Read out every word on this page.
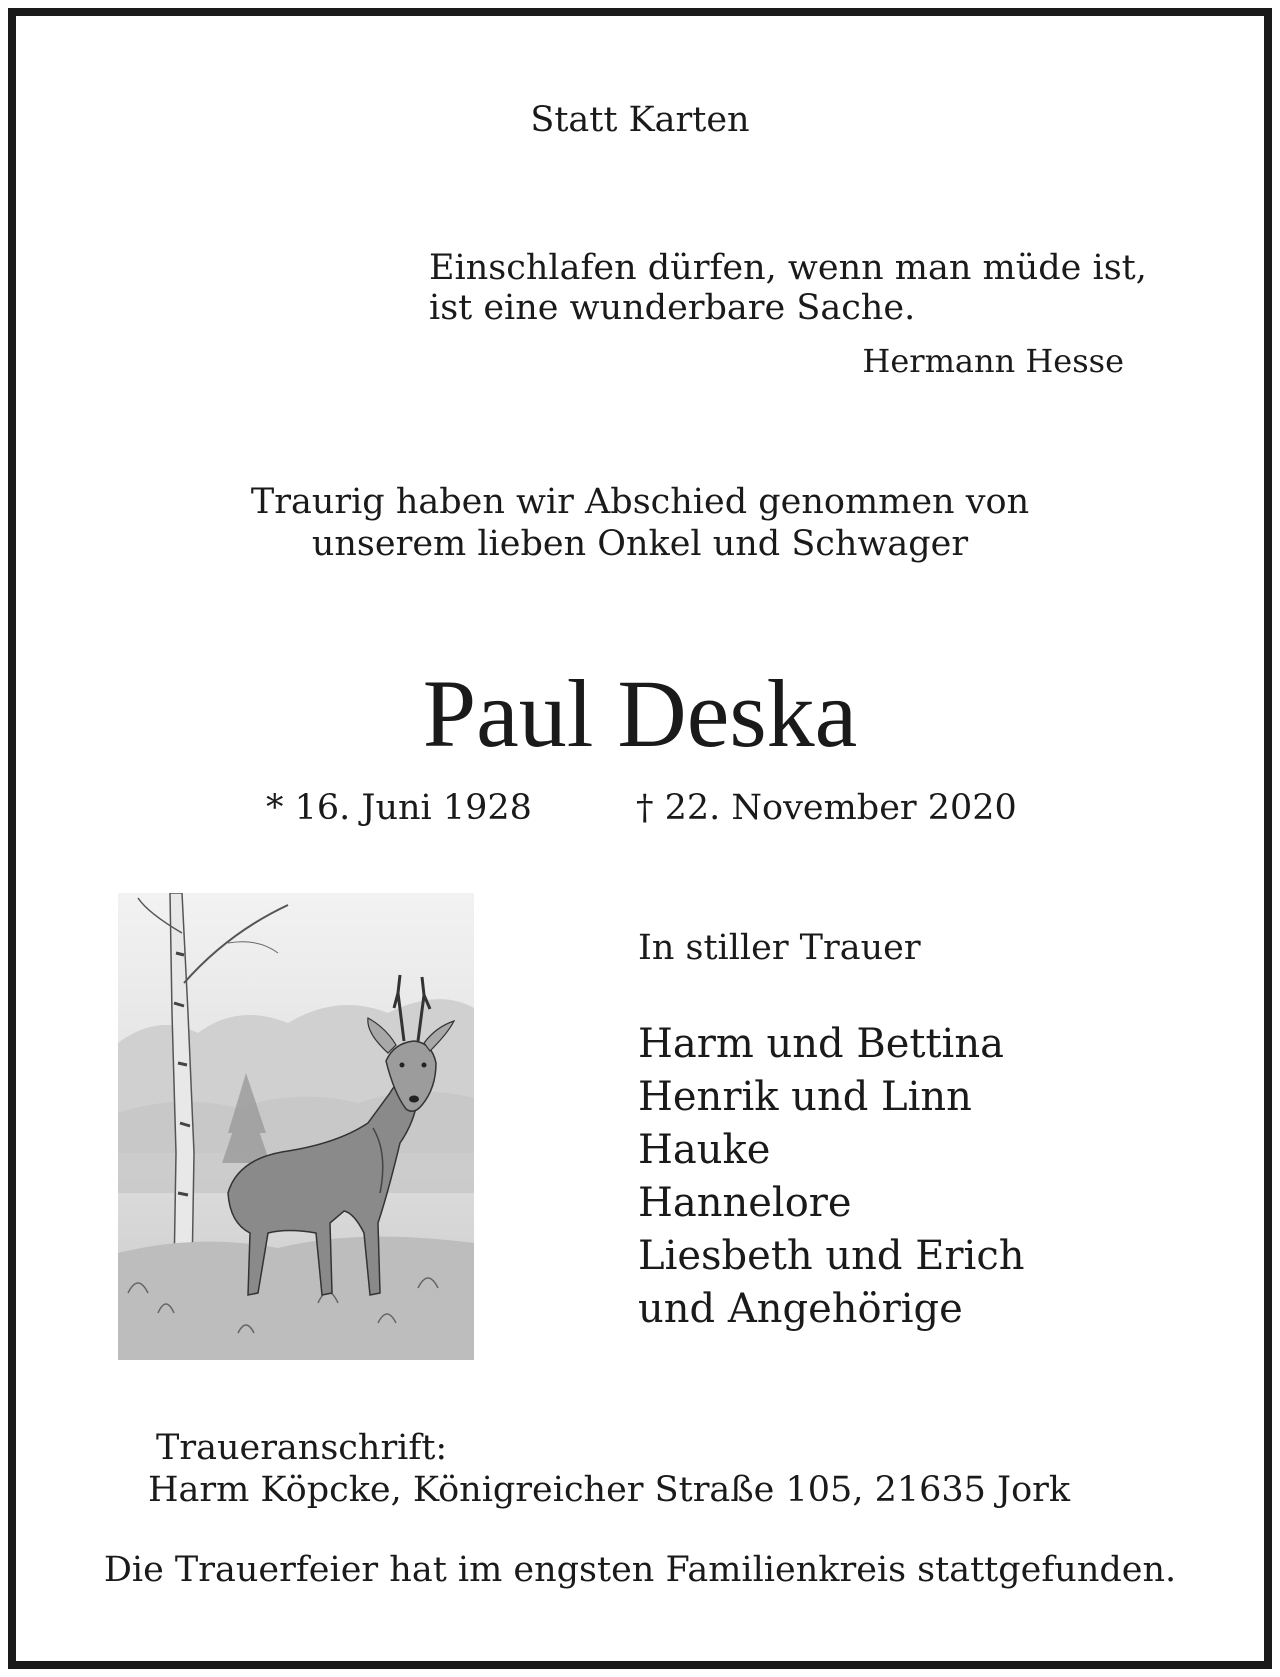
Statt Karten
Einschlafen dürfen, wenn man müde ist,
ist eine wunderbare Sache.
Hermann Hesse
Traurig haben wir Abschied genommen von
unserem lieben Onkel und Schwager
Paul Deska
* 16. Juni 1928	† 22. November 2020
In stiller Trauer
Harm und Bettina
Henrik und Linn
Hauke
Hannelore
Liesbeth und Erich
und Angehörige
Traueranschrift:
Harm Köpcke, Königreicher Straße 105, 21635 Jork
Die Trauerfeier hat im engsten Familienkreis stattgefunden.
